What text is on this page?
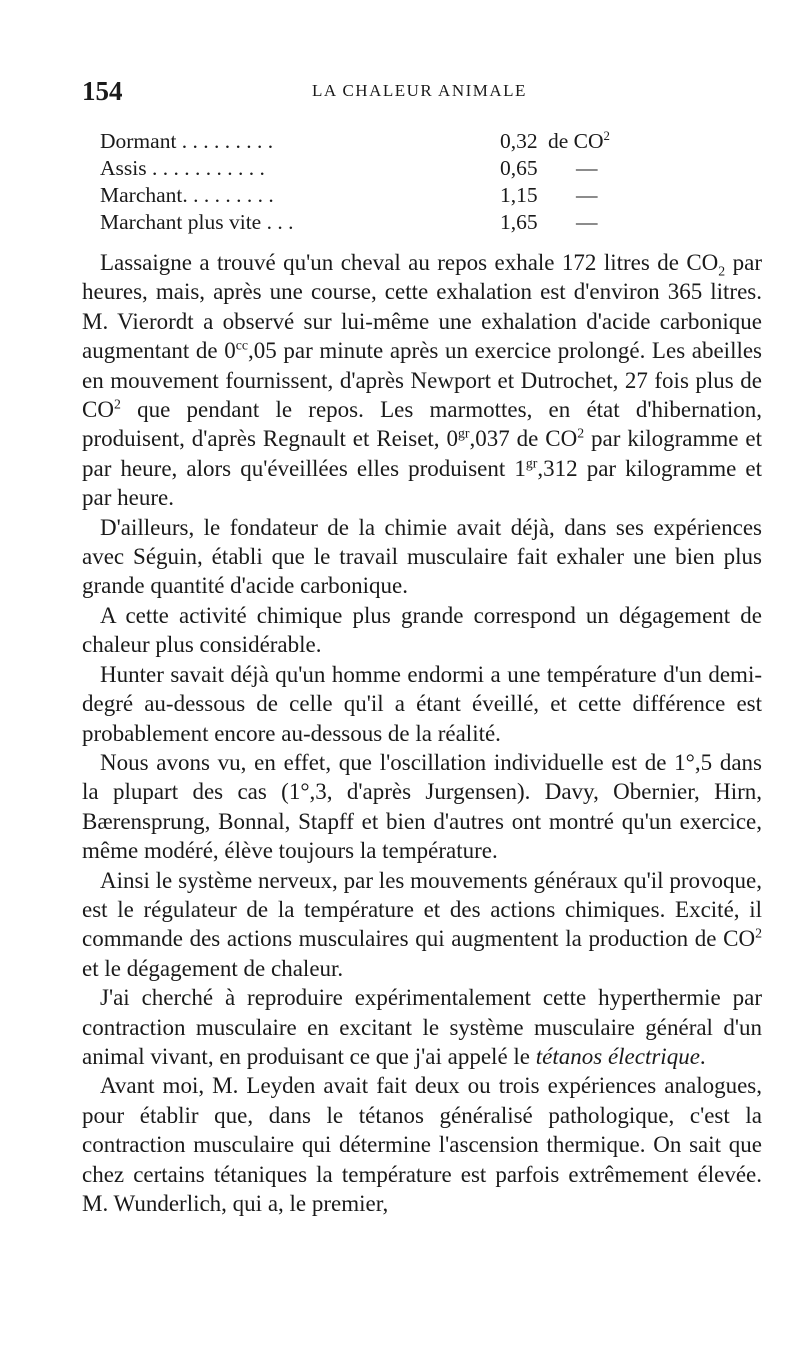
154	LA CHALEUR ANIMALE
Dormant . . . . . . . . .	0,32 de $CO^2$
Assis . . . . . . . . . . .	0,65 —
Marchant. . . . . . . . .	1,15 —
Marchant plus vite . . .	1,65 —

Lassaigne a trouvé qu'un cheval au repos exhale 172 litres de $CO_2$ par heures, mais, après une course, cette exhalation est d'environ 365 litres. M. Vierordt a observé sur lui-même une exhalation d'acide carbonique augmentant de $0^{cc},05$ par minute après un exercice prolongé. Les abeilles en mouvement fournissent, d'après Newport et Dutrochet, 27 fois plus de $CO^2$ que pendant le repos. Les marmottes, en état d'hibernation, produisent, d'après Regnault et Reiset, $0^{gr},037$ de $CO^2$ par kilogramme et par heure, alors qu'éveillées elles produisent $1^{gr},312$ par kilogramme et par heure.

D'ailleurs, le fondateur de la chimie avait déjà, dans ses expériences avec Séguin, établi que le travail musculaire fait exhaler une bien plus grande quantité d'acide carbonique.

A cette activité chimique plus grande correspond un dégagement de chaleur plus considérable.

Hunter savait déjà qu'un homme endormi a une température d'un demi-degré au-dessous de celle qu'il a étant éveillé, et cette différence est probablement encore au-dessous de la réalité.

Nous avons vu, en effet, que l'oscillation individuelle est de 1°,5 dans la plupart des cas (1°,3, d'après Jurgensen). Davy, Obernier, Hirn, Bærensprung, Bonnal, Stapff et bien d'autres ont montré qu'un exercice, même modéré, élève toujours la température.

Ainsi le système nerveux, par les mouvements généraux qu'il provoque, est le régulateur de la température et des actions chimiques. Excité, il commande des actions musculaires qui augmentent la production de $CO^2$ et le dégagement de chaleur.

J'ai cherché à reproduire expérimentalement cette hyperthermie par contraction musculaire en excitant le système musculaire général d'un animal vivant, en produisant ce que j'ai appelé le tétanos électrique.

Avant moi, M. Leyden avait fait deux ou trois expériences analogues, pour établir que, dans le tétanos généralisé pathologique, c'est la contraction musculaire qui détermine l'ascension thermique. On sait que chez certains tétaniques la température est parfois extrêmement élevée. M. Wunderlich, qui a, le premier,
